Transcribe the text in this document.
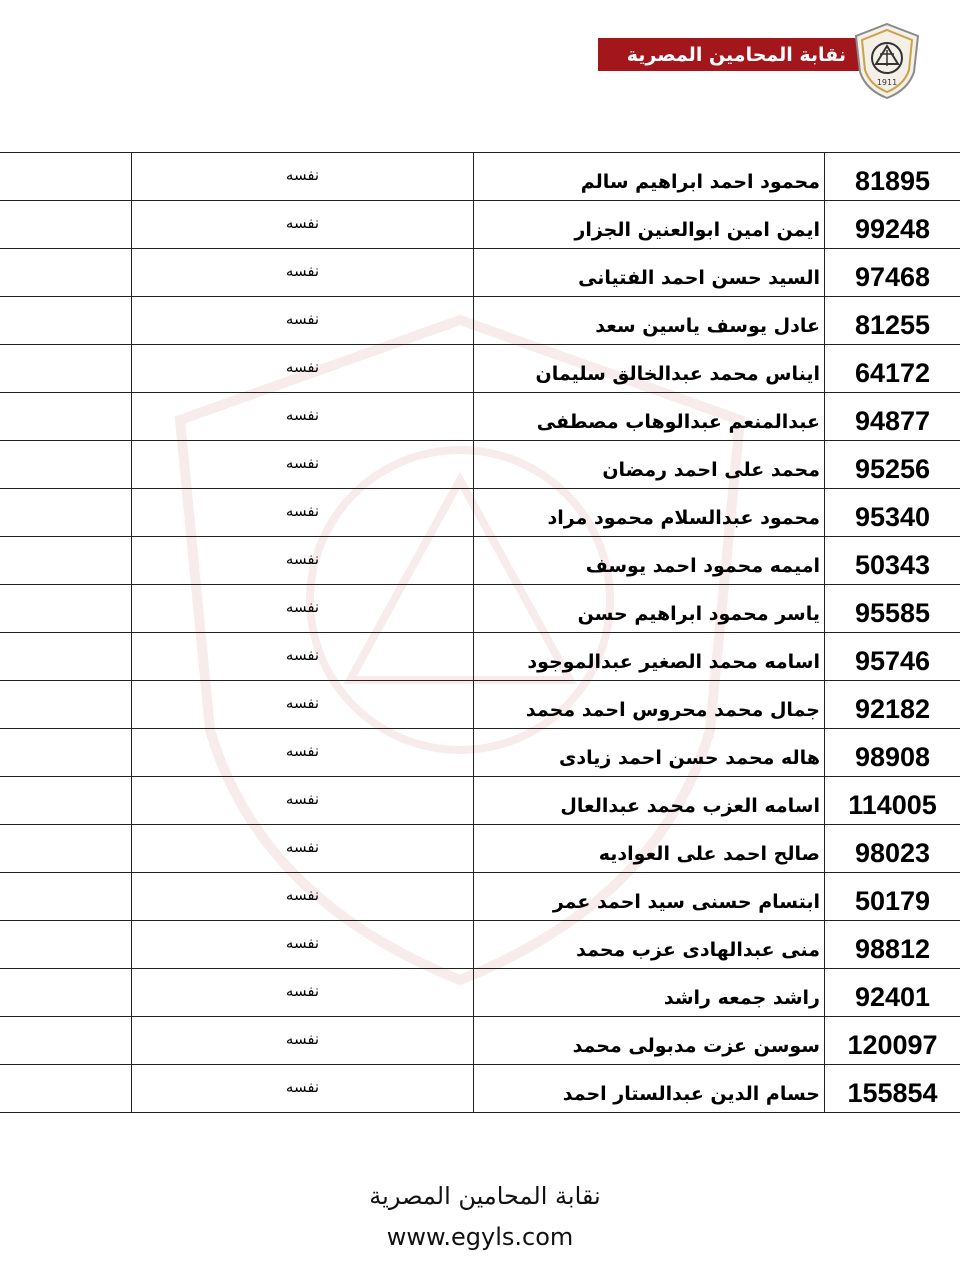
نقابة المحامين المصرية
1911
81895
محمود احمد ابراهيم سالم
نفسه
99248
ايمن امين ابوالعنين الجزار
نفسه
97468
السيد حسن احمد الفتيانى
نفسه
81255
عادل يوسف ياسين سعد
نفسه
64172
ايناس محمد عبدالخالق سليمان
نفسه
94877
عبدالمنعم عبدالوهاب مصطفى
نفسه
95256
محمد على احمد رمضان
نفسه
95340
محمود عبدالسلام محمود مراد
نفسه
50343
اميمه محمود احمد يوسف
نفسه
95585
ياسر محمود ابراهيم حسن
نفسه
95746
اسامه محمد الصغير عبدالموجود
نفسه
92182
جمال محمد محروس احمد محمد
نفسه
98908
هاله محمد حسن احمد زيادى
نفسه
114005
اسامه العزب محمد عبدالعال
نفسه
98023
صالح احمد على العواديه
نفسه
50179
ابتسام حسنى سيد احمد عمر
نفسه
98812
منى عبدالهادى عزب محمد
نفسه
92401
راشد جمعه راشد
نفسه
120097
سوسن عزت مدبولى محمد
نفسه
155854
حسام الدين عبدالستار احمد
نفسه
نقابة المحامين المصرية
www.egyls.com
